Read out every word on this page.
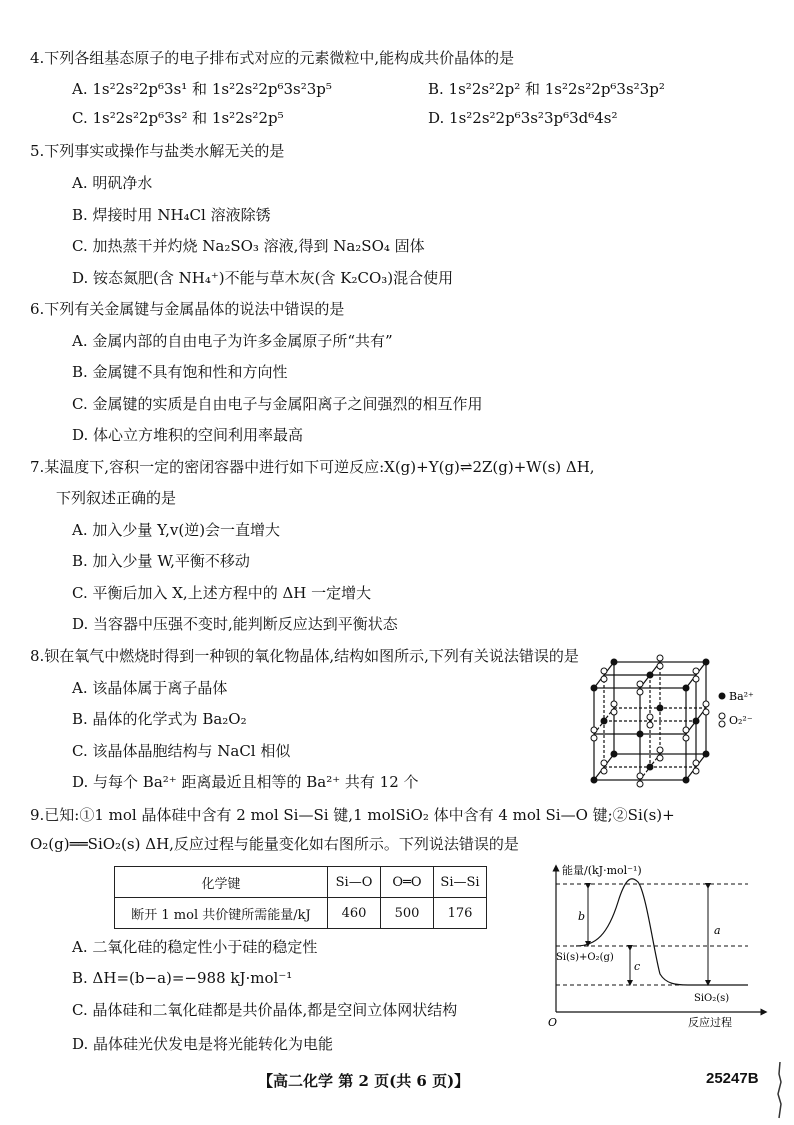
4.下列各组基态原子的电子排布式对应的元素微粒中,能构成共价晶体的是
A. 1s²2s²2p⁶3s¹ 和 1s²2s²2p⁶3s²3p⁵	B. 1s²2s²2p² 和 1s²2s²2p⁶3s²3p²
C. 1s²2s²2p⁶3s² 和 1s²2s²2p⁵	D. 1s²2s²2p⁶3s²3p⁶3d⁶4s²
5.下列事实或操作与盐类水解无关的是
A. 明矾净水
B. 焊接时用 NH₄Cl 溶液除锈
C. 加热蒸干并灼烧 Na₂SO₃ 溶液,得到 Na₂SO₄ 固体
D. 铵态氮肥(含 NH₄⁺)不能与草木灰(含 K₂CO₃)混合使用
6.下列有关金属键与金属晶体的说法中错误的是
A. 金属内部的自由电子为许多金属原子所“共有”
B. 金属键不具有饱和性和方向性
C. 金属键的实质是自由电子与金属阳离子之间强烈的相互作用
D. 体心立方堆积的空间利用率最高
7.某温度下,容积一定的密闭容器中进行如下可逆反应:X(g)+Y(g)⇌2Z(g)+W(s) ΔH,
下列叙述正确的是
A. 加入少量 Y,v(逆)会一直增大
B. 加入少量 W,平衡不移动
C. 平衡后加入 X,上述方程中的 ΔH 一定增大
D. 当容器中压强不变时,能判断反应达到平衡状态
8.钡在氧气中燃烧时得到一种钡的氧化物晶体,结构如图所示,下列有关说法错误的是
A. 该晶体属于离子晶体
B. 晶体的化学式为 Ba₂O₂
C. 该晶体晶胞结构与 NaCl 相似
D. 与每个 Ba²⁺ 距离最近且相等的 Ba²⁺ 共有 12 个
Ba²⁺
O₂²⁻
9.已知:①1 mol 晶体硅中含有 2 mol Si—Si 键,1 molSiO₂ 体中含有 4 mol Si—O 键;②Si(s)+
O₂(g)══SiO₂(s) ΔH,反应过程与能量变化如右图所示。下列说法错误的是
化学键	Si—O	O═O	Si—Si
断开 1 mol 共价键所需能量/kJ	460	500	176
A. 二氧化硅的稳定性小于硅的稳定性
B. ΔH=(b−a)=−988 kJ·mol⁻¹
C. 晶体硅和二氧化硅都是共价晶体,都是空间立体网状结构
D. 晶体硅光伏发电是将光能转化为电能
能量/(kJ·mol⁻¹)
反应过程
O
Si(s)+O₂(g)
SiO₂(s)
b
a
c
【高二化学 第 2 页(共 6 页)】	25247B
